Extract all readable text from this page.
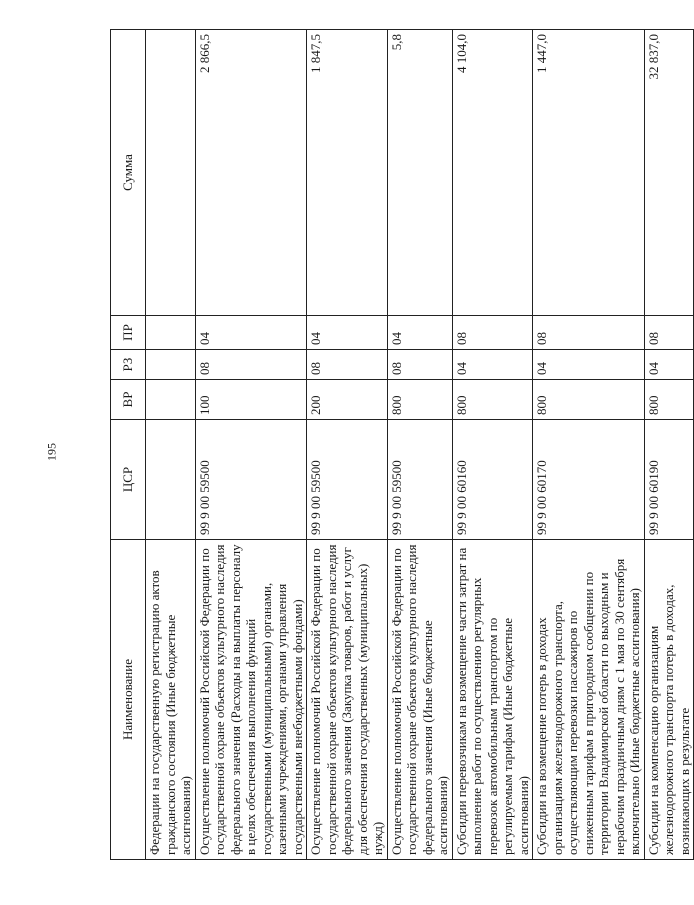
195
Наименование	ЦСР	ВР	РЗ	ПР	Сумма
Федерации на государственную регистрацию актов гражданского состояния (Иные бюджетные ассигнования)					
Осуществление полномочий Российской Федерации по государственной охране объектов культурного наследия федерального значения (Расходы на выплаты персоналу в целях обеспечения выполнения функций государственными (муниципальными) органами, казенными учреждениями, органами управления государственными внебюджетными фондами)	99 9 00 59500	100	08	04	2 866,5
Осуществление полномочий Российской Федерации по государственной охране объектов культурного наследия федерального значения (Закупка товаров, работ и услуг для обеспечения государственных (муниципальных) нужд)	99 9 00 59500	200	08	04	1 847,5
Осуществление полномочий Российской Федерации по государственной охране объектов культурного наследия федерального значения (Иные бюджетные ассигнования)	99 9 00 59500	800	08	04	5,8
Субсидии перевозчикам на возмещение части затрат на выполнение работ по осуществлению регулярных перевозок автомобильным транспортом по регулируемым тарифам (Иные бюджетные ассигнования)	99 9 00 60160	800	04	08	4 104,0
Субсидии на возмещение потерь в доходах организациям железнодорожного транспорта, осуществляющим перевозки пассажиров по сниженным тарифам в пригородном сообщении по территории Владимирской области по выходным и нерабочим праздничным дням с 1 мая по 30 сентября включительно (Иные бюджетные ассигнования)	99 9 00 60170	800	04	08	1 447,0
Субсидии на компенсацию организациям железнодорожного транспорта потерь в доходах, возникающих в результате	99 9 00 60190	800	04	08	32 837,0
